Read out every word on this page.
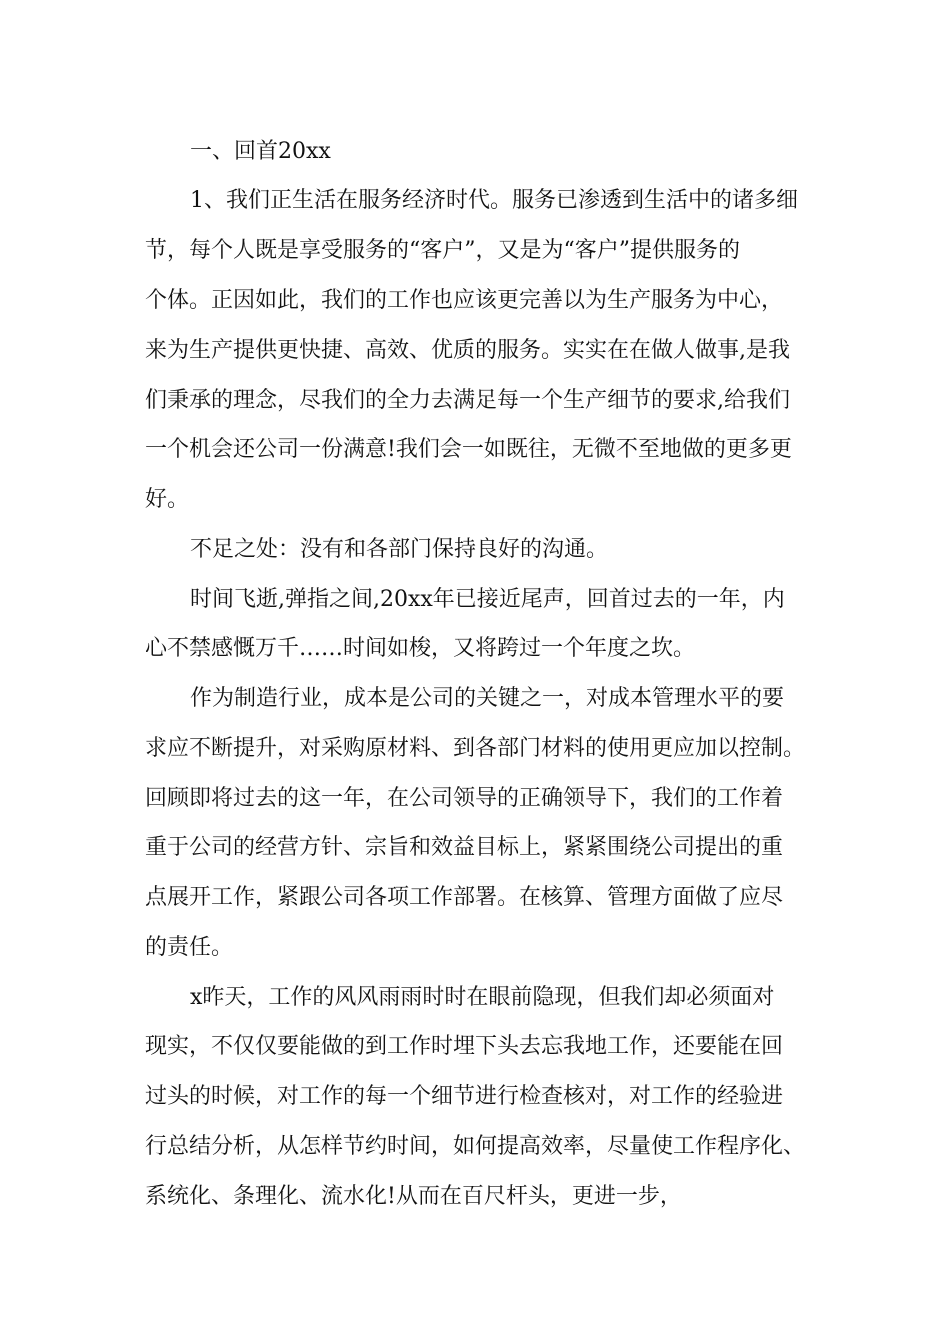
一、回首20xx
1、我们正生活在服务经济时代。服务已渗透到生活中的诸多细
节，每个人既是享受服务的“客户”，又是为“客户”提供服务的
个体。正因如此，我们的工作也应该更完善以为生产服务为中心，
来为生产提供更快捷、高效、优质的服务。实实在在做人做事,是我
们秉承的理念，尽我们的全力去满足每一个生产细节的要求,给我们
一个机会还公司一份满意!我们会一如既往，无微不至地做的更多更
好。
不足之处：没有和各部门保持良好的沟通。
时间飞逝,弹指之间,20xx年已接近尾声，回首过去的一年，内
心不禁感慨万千……时间如梭，又将跨过一个年度之坎。
作为制造行业，成本是公司的关键之一，对成本管理水平的要
求应不断提升，对采购原材料、到各部门材料的使用更应加以控制。
回顾即将过去的这一年，在公司领导的正确领导下，我们的工作着
重于公司的经营方针、宗旨和效益目标上，紧紧围绕公司提出的重
点展开工作，紧跟公司各项工作部署。在核算、管理方面做了应尽
的责任。
x昨天，工作的风风雨雨时时在眼前隐现，但我们却必须面对
现实，不仅仅要能做的到工作时埋下头去忘我地工作，还要能在回
过头的时候，对工作的每一个细节进行检查核对，对工作的经验进
行总结分析，从怎样节约时间，如何提高效率，尽量使工作程序化、
系统化、条理化、流水化!从而在百尺杆头，更进一步，
